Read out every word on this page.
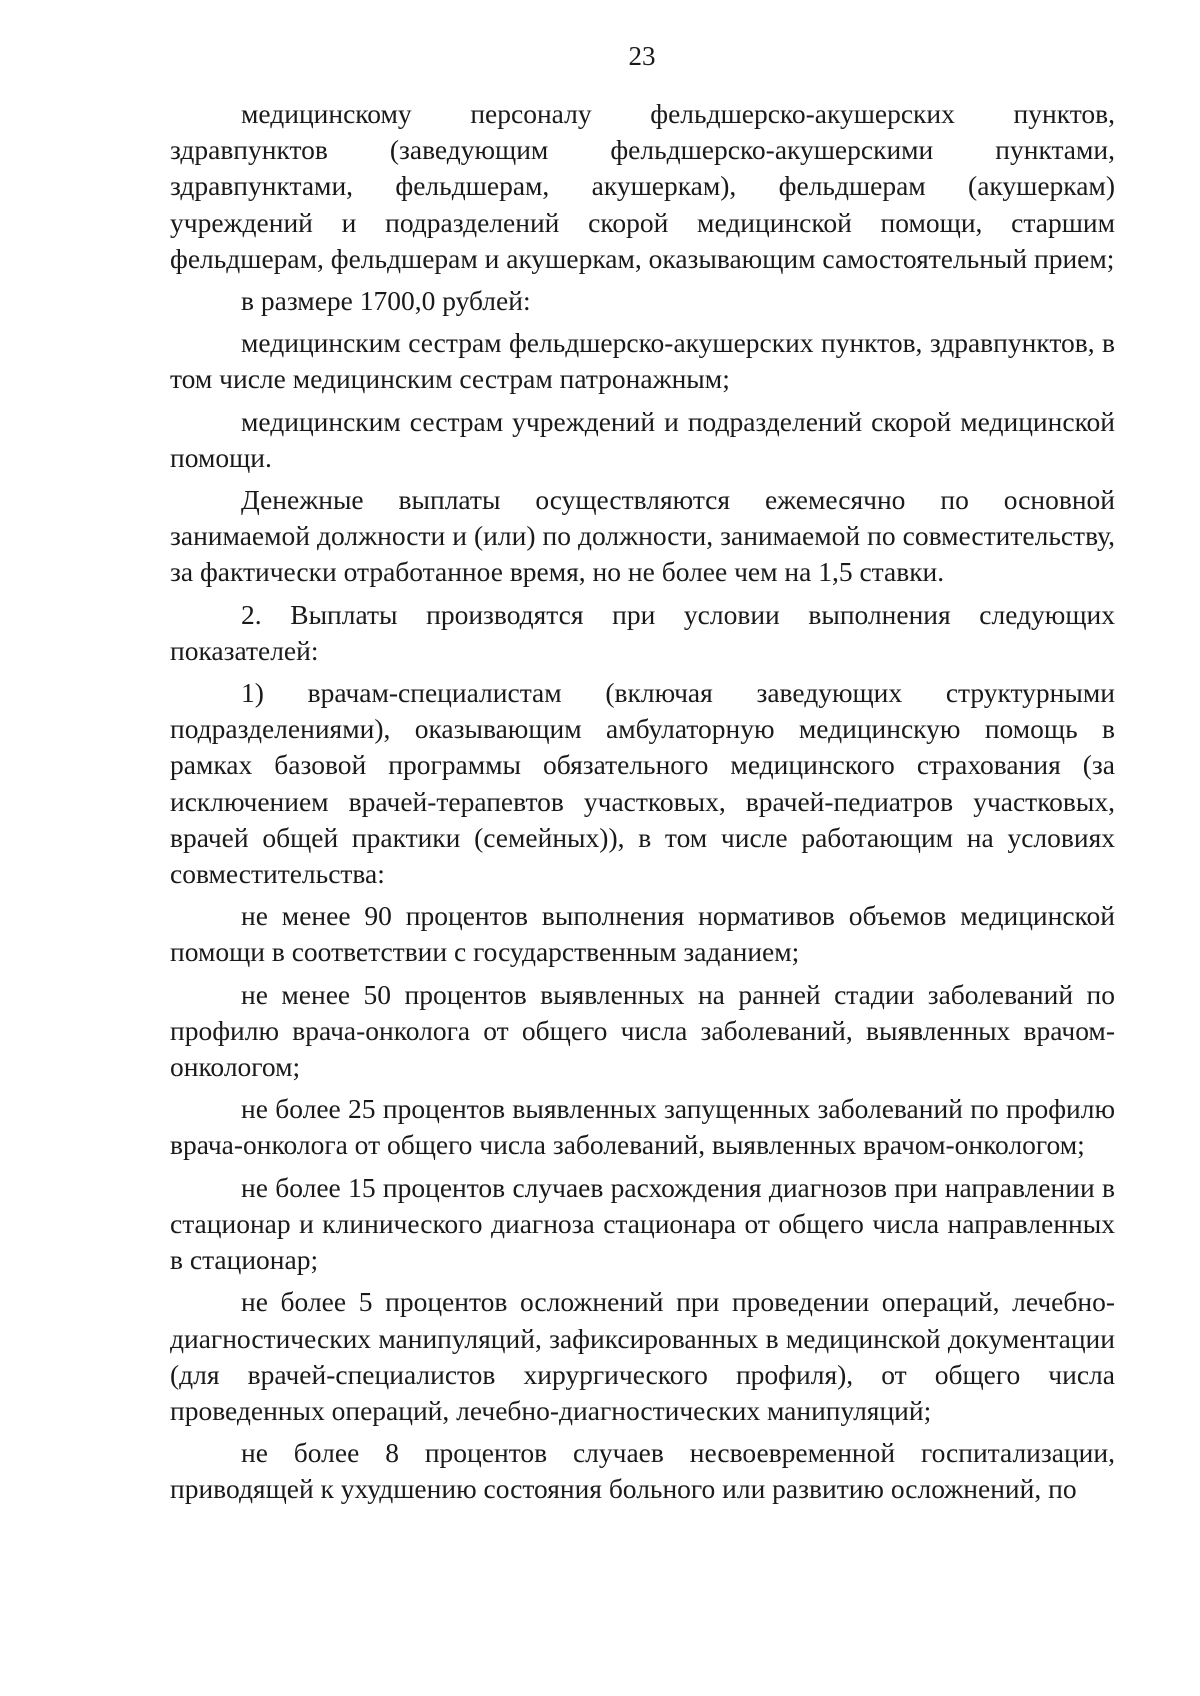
23

медицинскому персоналу фельдшерско-акушерских пунктов, здравпунктов (заведующим фельдшерско-акушерскими пунктами, здравпунктами, фельдшерам, акушеркам), фельдшерам (акушеркам) учреждений и подразделений скорой медицинской помощи, старшим фельдшерам, фельдшерам и акушеркам, оказывающим самостоятельный прием;

в размере 1700,0 рублей:

медицинским сестрам фельдшерско-акушерских пунктов, здравпунктов, в том числе медицинским сестрам патронажным;

медицинским сестрам учреждений и подразделений скорой медицинской помощи.

Денежные выплаты осуществляются ежемесячно по основной занимаемой должности и (или) по должности, занимаемой по совместительству, за фактически отработанное время, но не более чем на 1,5 ставки.

2. Выплаты производятся при условии выполнения следующих показателей:

1) врачам-специалистам (включая заведующих структурными подразделениями), оказывающим амбулаторную медицинскую помощь в рамках базовой программы обязательного медицинского страхования (за исключением врачей-терапевтов участковых, врачей-педиатров участковых, врачей общей практики (семейных)), в том числе работающим на условиях совместительства:

не менее 90 процентов выполнения нормативов объемов медицинской помощи в соответствии с государственным заданием;

не менее 50 процентов выявлeнных на ранней стадии заболеваний по профилю врача-онколога от общего числа заболеваний, выявленных врачом-онкологом;

не более 25 процентов выявленных запущенных заболеваний по профилю врача-онколога от общего числа заболеваний, выявленных врачом-онкологом;

не более 15 процентов случаев расхождения диагнозов при направлении в стационар и клинического диагноза стационара от общего числа направленных в стационар;

не более 5 процентов осложнений при проведении операций, лечебно-диагностических манипуляций, зафиксированных в медицинской документации (для врачей-специалистов хирургического профиля), от общего числа проведенных операций, лечебно-диагностических манипуляций;

не более 8 процентов случаев несвоевременной госпитализации, приводящей к ухудшению состояния больного или развитию осложнений, по
